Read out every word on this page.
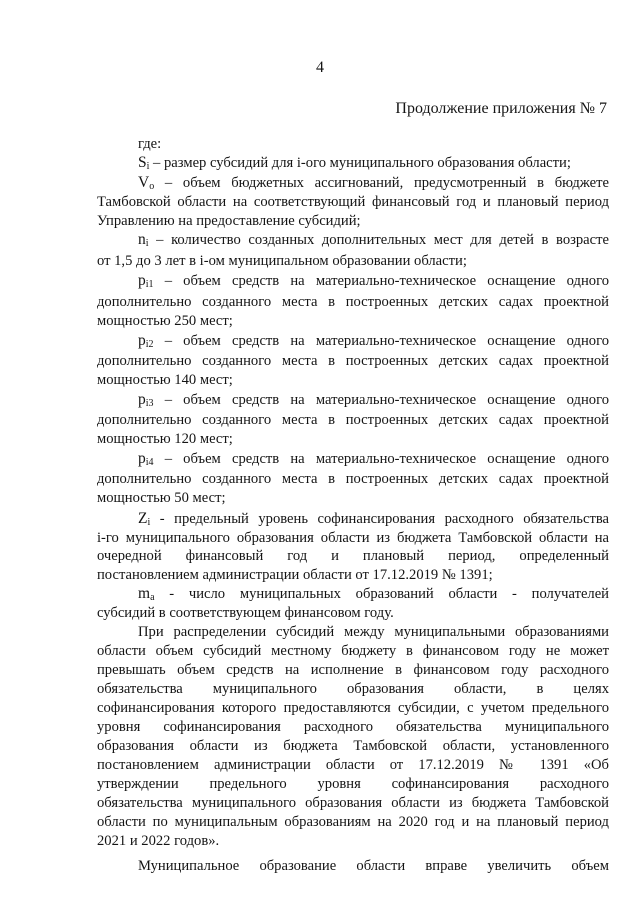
4
Продолжение приложения № 7
где:
$S_i$ – размер субсидий для i-ого муниципального образования области;
$V_o$ – объем бюджетных ассигнований, предусмотренный в бюджете
Тамбовской области на соответствующий финансовый год и плановый период
Управлению на предоставление субсидий;
$n_i$ – количество созданных дополнительных мест для детей в возрасте
от 1,5 до 3 лет в i-ом муниципальном образовании области;
$p_{i1}$ – объем средств на материально-техническое оснащение одного
дополнительно созданного места в построенных детских садах проектной
мощностью 250 мест;
$p_{i2}$ – объем средств на материально-техническое оснащение одного
дополнительно созданного места в построенных детских садах проектной
мощностью 140 мест;
$p_{i3}$ – объем средств на материально-техническое оснащение одного
дополнительно созданного места в построенных детских садах проектной
мощностью 120 мест;
$p_{i4}$ – объем средств на материально-техническое оснащение одного
дополнительно созданного места в построенных детских садах проектной
мощностью 50 мест;
$Z_i$ - предельный уровень софинансирования расходного обязательства
i-го муниципального образования области из бюджета Тамбовской области на
очередной финансовый год и плановый период, определенный
постановлением администрации области от 17.12.2019 № 1391;
$m_a$ - число муниципальных образований области - получателей
субсидий в соответствующем финансовом году.
При распределении субсидий между муниципальными образованиями
области объем субсидий местному бюджету в финансовом году не может
превышать объем средств на исполнение в финансовом году расходного
обязательства муниципального образования области, в целях
софинансирования которого предоставляются субсидии, с учетом предельного
уровня софинансирования расходного обязательства муниципального
образования области из бюджета Тамбовской области, установленного
постановлением администрации области от 17.12.2019 № 1391 «Об
утверждении предельного уровня софинансирования расходного
обязательства муниципального образования области из бюджета Тамбовской
области по муниципальным образованиям на 2020 год и на плановый период
2021 и 2022 годов».
Муниципальное образование области вправе увеличить объем
